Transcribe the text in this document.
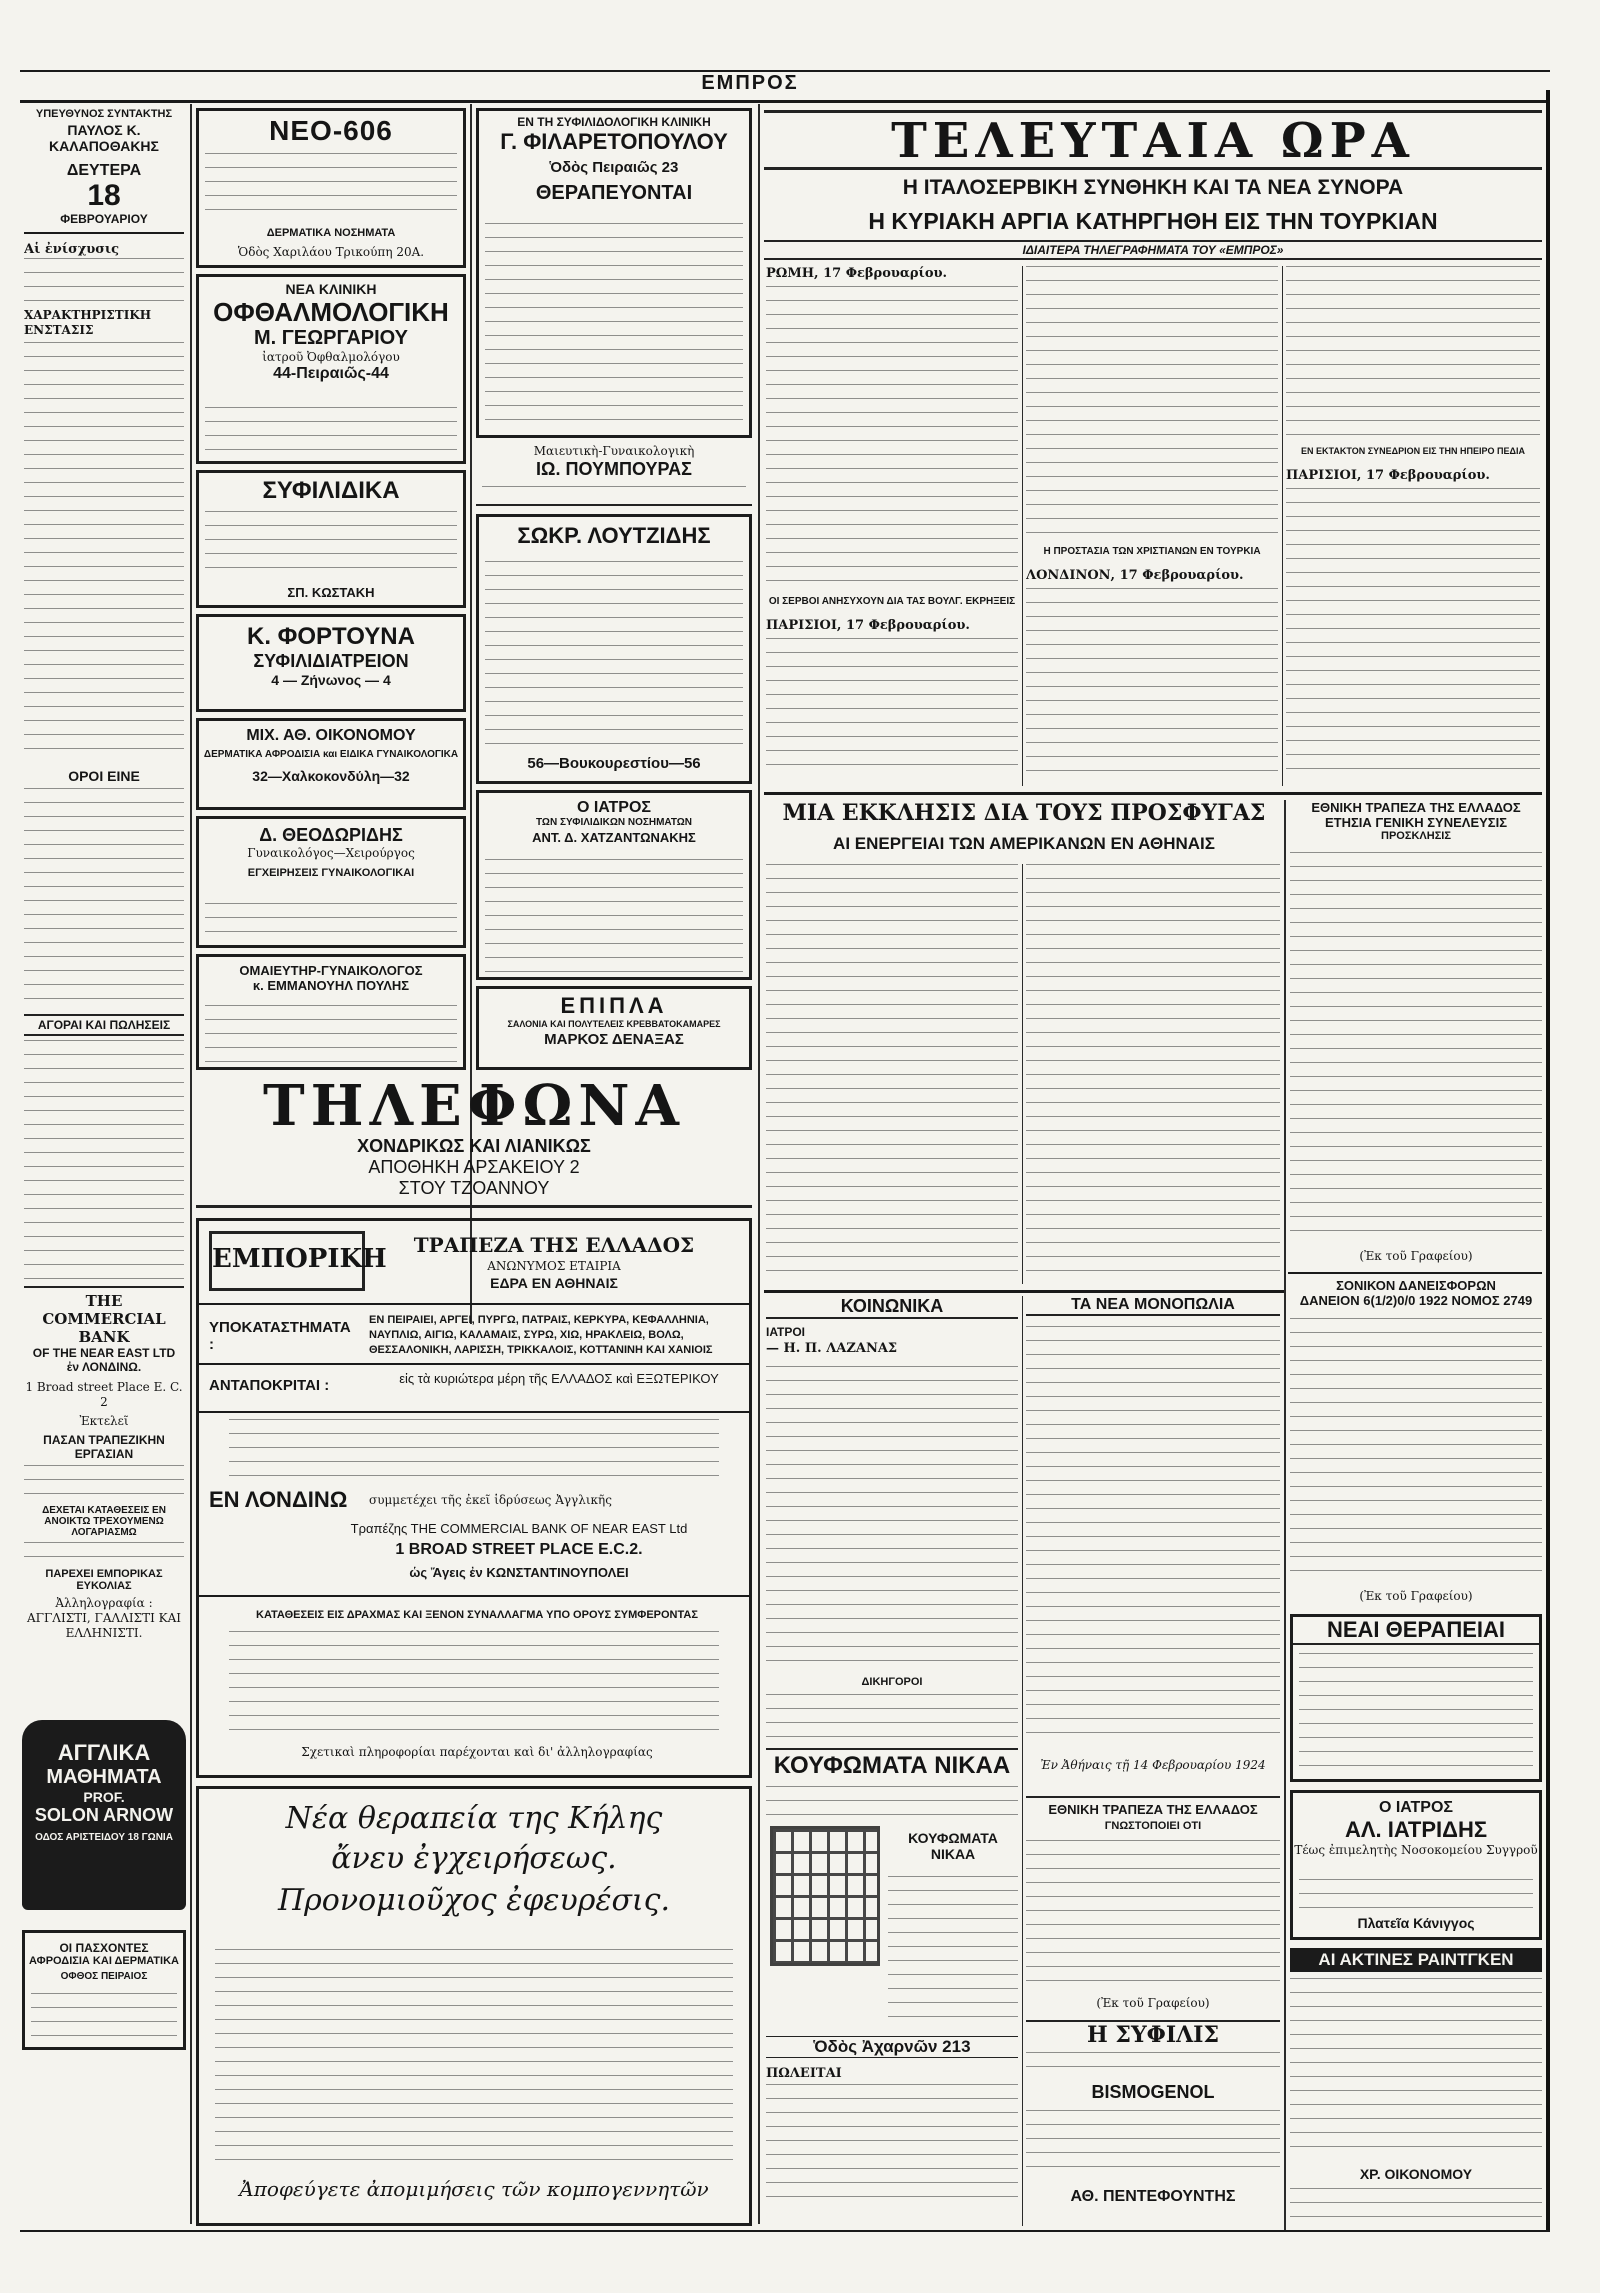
ΕΜΠΡΟΣ
ΥΠΕΥΘΥΝΟΣ ΣΥΝΤΑΚΤΗΣ
ΠΑΥΛΟΣ Κ. ΚΑΛΑΠΟΘΑΚΗΣ
ΔΕΥΤΕΡΑ
18
ΦΕΒΡΟΥΑΡΙΟΥ
Αἱ ἐνίσχυσις
ΧΑΡΑΚΤΗΡΙΣΤΙΚΗ ΕΝΣΤΑΣΙΣ
ΟΡΟΙ ΕΙΝΕ
ΑΓΟΡΑΙ ΚΑΙ ΠΩΛΗΣΕΙΣ
ΤΗΕ COMMERCIAL BANK
OF THE NEAR EAST LTD
ἐν ΛΟΝΔΙΝΩ.
1 Broad street Place E. C. 2
Ἐκτελεῖ
ΠΑΣΑΝ ΤΡΑΠΕΖΙΚΗΝ ΕΡΓΑΣΙΑΝ
ΔΕΧΕΤΑΙ ΚΑΤΑΘΕΣΕΙΣ ΕΝ ΑΝΟΙΚΤΩ ΤΡΕΧΟΥΜΕΝΩ ΛΟΓΑΡΙΑΣΜΩ
ΠΑΡΕΧΕΙ ΕΜΠΟΡΙΚΑΣ ΕΥΚΟΛΙΑΣ
Ἀλληλογραφία : ΑΓΓΛΙΣΤΙ, ΓΑΛΛΙΣΤΙ ΚΑΙ ΕΛΛΗΝΙΣΤΙ.
ΑΓΓΛΙΚΑ
ΜΑΘΗΜΑΤΑ
PROF.
SOLON ARNOW
ΟΔΟΣ ΑΡΙΣΤΕΙΔΟΥ 18 ΓΩΝΙΑ
ΟΙ ΠΑΣΧΟΝΤΕΣ
ΑΦΡΟΔΙΣΙΑ ΚΑΙ ΔΕΡΜΑΤΙΚΑ
ΟΦΘΟΣ ΠΕΙΡΑΙΟΣ
ΝΕΟ-606
ΔΕΡΜΑΤΙΚΑ ΝΟΣΗΜΑΤΑ
Ὁδὸς Χαριλάου Τρικούπη 20Α.
ΝΕΑ ΚΛΙΝΙΚΗ
ΟΦΘΑΛΜΟΛΟΓΙΚΗ
Μ. ΓΕΩΡΓΑΡΙΟΥ
ἰατροῦ Ὀφθαλμολόγου
44-Πειραιῶς-44
ΣΥΦΙΛΙΔΙΚΑ
ΣΠ. ΚΩΣΤΑΚΗ
Κ. ΦΟΡΤΟΥΝΑ
ΣΥΦΙΛΙΔΙΑΤΡΕΙΟΝ
4 — Ζήνωνος — 4
ΜΙΧ. ΑΘ. ΟΙΚΟΝΟΜΟΥ
ΔΕΡΜΑΤΙΚΑ ΑΦΡΟΔΙΣΙΑ και ΕΙΔΙΚΑ ΓΥΝΑΙΚΟΛΟΓΙΚΑ
32—Χαλκοκονδύλη—32
Δ. ΘΕΟΔΩΡΙΔΗΣ
Γυναικολόγος—Χειρούργος
ΕΓΧΕΙΡΗΣΕΙΣ ΓΥΝΑΙΚΟΛΟΓΙΚΑΙ
ΟΜΑΙΕΥΤΗΡ-ΓΥΝΑΙΚΟΛΟΓΟΣ
κ. ΕΜΜΑΝΟΥΗΛ ΠΟΥΛΗΣ
ΕΝ ΤΗ ΣΥΦΙΛΙΔΟΛΟΓΙΚΗ ΚΛΙΝΙΚΗ
Γ. ΦΙΛΑΡΕΤΟΠΟΥΛΟΥ
Ὁδὸς Πειραιῶς 23
ΘΕΡΑΠΕΥΟΝΤΑΙ
Μαιευτικὴ-Γυναικολογικὴ
ΙΩ. ΠΟΥΜΠΟΥΡΑΣ
ΣΩΚΡ. ΛΟΥΤΖΙΔΗΣ
56—Βουκουρεστίου—56
Ο ΙΑΤΡΟΣ
ΤΩΝ ΣΥΦΙΛΙΔΙΚΩΝ ΝΟΣΗΜΑΤΩΝ
ΑΝΤ. Δ. ΧΑΤΖΑΝΤΩΝΑΚΗΣ
ΕΠΙΠΛΑ
ΣΑΛΟΝΙΑ ΚΑΙ ΠΟΛΥΤΕΛΕΙΣ ΚΡΕΒΒΑΤΟΚΑΜΑΡΕΣ
ΜΑΡΚΟΣ ΔΕΝΑΞΑΣ
ΤΗΛΕΦΩΝΑ
ΧΟΝΔΡΙΚΩΣ ΚΑΙ ΛΙΑΝΙΚΩΣ
ΑΠΟΘΗΚΗ ΑΡΣΑΚΕΙΟΥ 2
ΣΤΟΥ ΤΖΟΑΝΝΟΥ
ΕΜΠΟΡΙΚΗ	ΤΡΑΠΕΖΑ ΤΗΣ ΕΛΛΑΔΟΣ
ΑΝΩΝΥΜΟΣ ΕΤΑΙΡΙΑ
ΕΔΡΑ ΕΝ ΑΘΗΝΑΙΣ
ΥΠΟΚΑΤΑΣΤΗΜΑΤΑ :
ΕΝ ΠΕΙΡΑΙΕΙ, ΑΡΓΕΙ, ΠΥΡΓΩ, ΠΑΤΡΑΙΣ, ΚΕΡΚΥΡΑ, ΚΕΦΑΛΛΗΝΙΑ, ΝΑΥΠΛΙΩ, ΑΙΓΙΩ, ΚΑΛΑΜΑΙΣ, ΣΥΡΩ, ΧΙΩ, ΗΡΑΚΛΕΙΩ, ΒΟΛΩ, ΘΕΣΣΑΛΟΝΙΚΗ, ΛΑΡΙΣΣΗ, ΤΡΙΚΚΑΛΟΙΣ, ΚΟΤΤΑΝΙΝΗ ΚΑΙ ΧΑΝΙΟΙΣ
ΑΝΤΑΠΟΚΡΙΤΑΙ :	εἰς τὰ κυριώτερα μέρη τῆς ΕΛΛΑΔΟΣ καὶ ΕΞΩΤΕΡΙΚΟΥ
ΕΝ ΛΟΝΔΙΝΩ	συμμετέχει τῆς ἐκεῖ ἱδρύσεως Ἀγγλικῆς
Τραπέζης ΤΗΕ COMMERCIAL BANK OF NEAR EAST Ltd
1 BROAD STREET PLACE E.C.2.
ὡς Ἄγεις ἐν ΚΩΝΣΤΑΝΤΙΝΟΥΠΟΛΕΙ
ΚΑΤΑΘΕΣΕΙΣ ΕΙΣ ΔΡΑΧΜΑΣ ΚΑΙ ΞΕΝΟΝ ΣΥΝΑΛΛΑΓΜΑ ΥΠΟ ΟΡΟΥΣ ΣΥΜΦΕΡΟΝΤΑΣ
Σχετικαὶ πληροφορίαι παρέχονται καὶ δι' ἀλληλογραφίας
Νέα θεραπεία της Κήλης
ἄνευ ἐγχειρήσεως.
Προνομιοῦχος ἐφευρέσις.
Ἀποφεύγετε ἀπομιμήσεις τῶν κομπογεννητῶν
ΤΕΛΕΥΤΑΙΑ ΩΡΑ
Η ΙΤΑΛΟΣΕΡΒΙΚΗ ΣΥΝΘΗΚΗ ΚΑΙ ΤΑ ΝΕΑ ΣΥΝΟΡΑ
Η ΚΥΡΙΑΚΗ ΑΡΓΙΑ ΚΑΤΗΡΓΗΘΗ ΕΙΣ ΤΗΝ ΤΟΥΡΚΙΑΝ
ΙΔΙΑΙΤΕΡΑ ΤΗΛΕΓΡΑΦΗΜΑΤΑ ΤΟΥ «ΕΜΠΡΟΣ»
ΡΩΜΗ, 17 Φεβρουαρίου.
ΟΙ ΣΕΡΒΟΙ ΑΝΗΣΥΧΟΥΝ ΔΙΑ ΤΑΣ ΒΟΥΛΓ. ΕΚΡΗΞΕΙΣ
ΠΑΡΙΣΙΟΙ, 17 Φεβρουαρίου.
Η ΠΡΟΣΤΑΣΙΑ ΤΩΝ ΧΡΙΣΤΙΑΝΩΝ ΕΝ ΤΟΥΡΚΙΑ
ΛΟΝΔΙΝΟΝ, 17 Φεβρουαρίου.
ΕΝ ΕΚΤΑΚΤΟΝ ΣΥΝΕΔΡΙΟΝ ΕΙΣ ΤΗΝ ΗΠΕΙΡΟ ΠΕΔΙΑ
ΠΑΡΙΣΙΟΙ, 17 Φεβρουαρίου.
ΜΙΑ ΕΚΚΛΗΣΙΣ ΔΙΑ ΤΟΥΣ ΠΡΟΣΦΥΓΑΣ
ΑΙ ΕΝΕΡΓΕΙΑΙ ΤΩΝ ΑΜΕΡΙΚΑΝΩΝ ΕΝ ΑΘΗΝΑΙΣ
ΕΘΝΙΚΗ ΤΡΑΠΕΖΑ ΤΗΣ ΕΛΛΑΔΟΣ
ΕΤΗΣΙΑ ΓΕΝΙΚΗ ΣΥΝΕΛΕΥΣΙΣ
ΠΡΟΣΚΛΗΣΙΣ
(Ἐκ τοῦ Γραφείου)
ΣΟΝΙΚΟΝ ΔΑΝΕΙΣΦΟΡΩΝ
ΔΑΝΕΙΟΝ 6(1/2)0/0 1922 ΝΟΜΟΣ 2749
(Ἐκ τοῦ Γραφείου)
ΚΟΙΝΩΝΙΚΑ
ΙΑΤΡΟΙ
— Η. Π. ΛΑΖΑΝΑΣ
ΔΙΚΗΓΟΡΟΙ
ΚΟΥΦΩΜΑΤΑ ΝΙΚΑΑ
ΚΟΥΦΩΜΑΤΑ ΝΙΚΑΑ
Ὁδὸς Ἀχαρνῶν 213
ΠΩΛΕΙΤΑΙ
ΤΑ ΝΕΑ ΜΟΝΟΠΩΛΙΑ
Ἐν Ἀθήναις τῇ 14 Φεβρουαρίου 1924
ΕΘΝΙΚΗ ΤΡΑΠΕΖΑ ΤΗΣ ΕΛΛΑΔΟΣ
ΓΝΩΣΤΟΠΟΙΕΙ ΟΤΙ
(Ἐκ τοῦ Γραφείου)
Η ΣΥΦΙΛΙΣ
BISMOGENOL
ΑΘ. ΠΕΝΤΕΦΟΥΝΤΗΣ
ΝΕΑΙ ΘΕΡΑΠΕΙΑΙ
Ο ΙΑΤΡΟΣ
ΑΛ. ΙΑΤΡΙΔΗΣ
Τέως ἐπιμελητὴς Νοσοκομείου Συγγροῦ
Πλατεῖα Κάνιγγος
ΑΙ ΑΚΤΙΝΕΣ ΡΑΙΝΤΓΚΕΝ
ΧΡ. ΟΙΚΟΝΟΜΟΥ
